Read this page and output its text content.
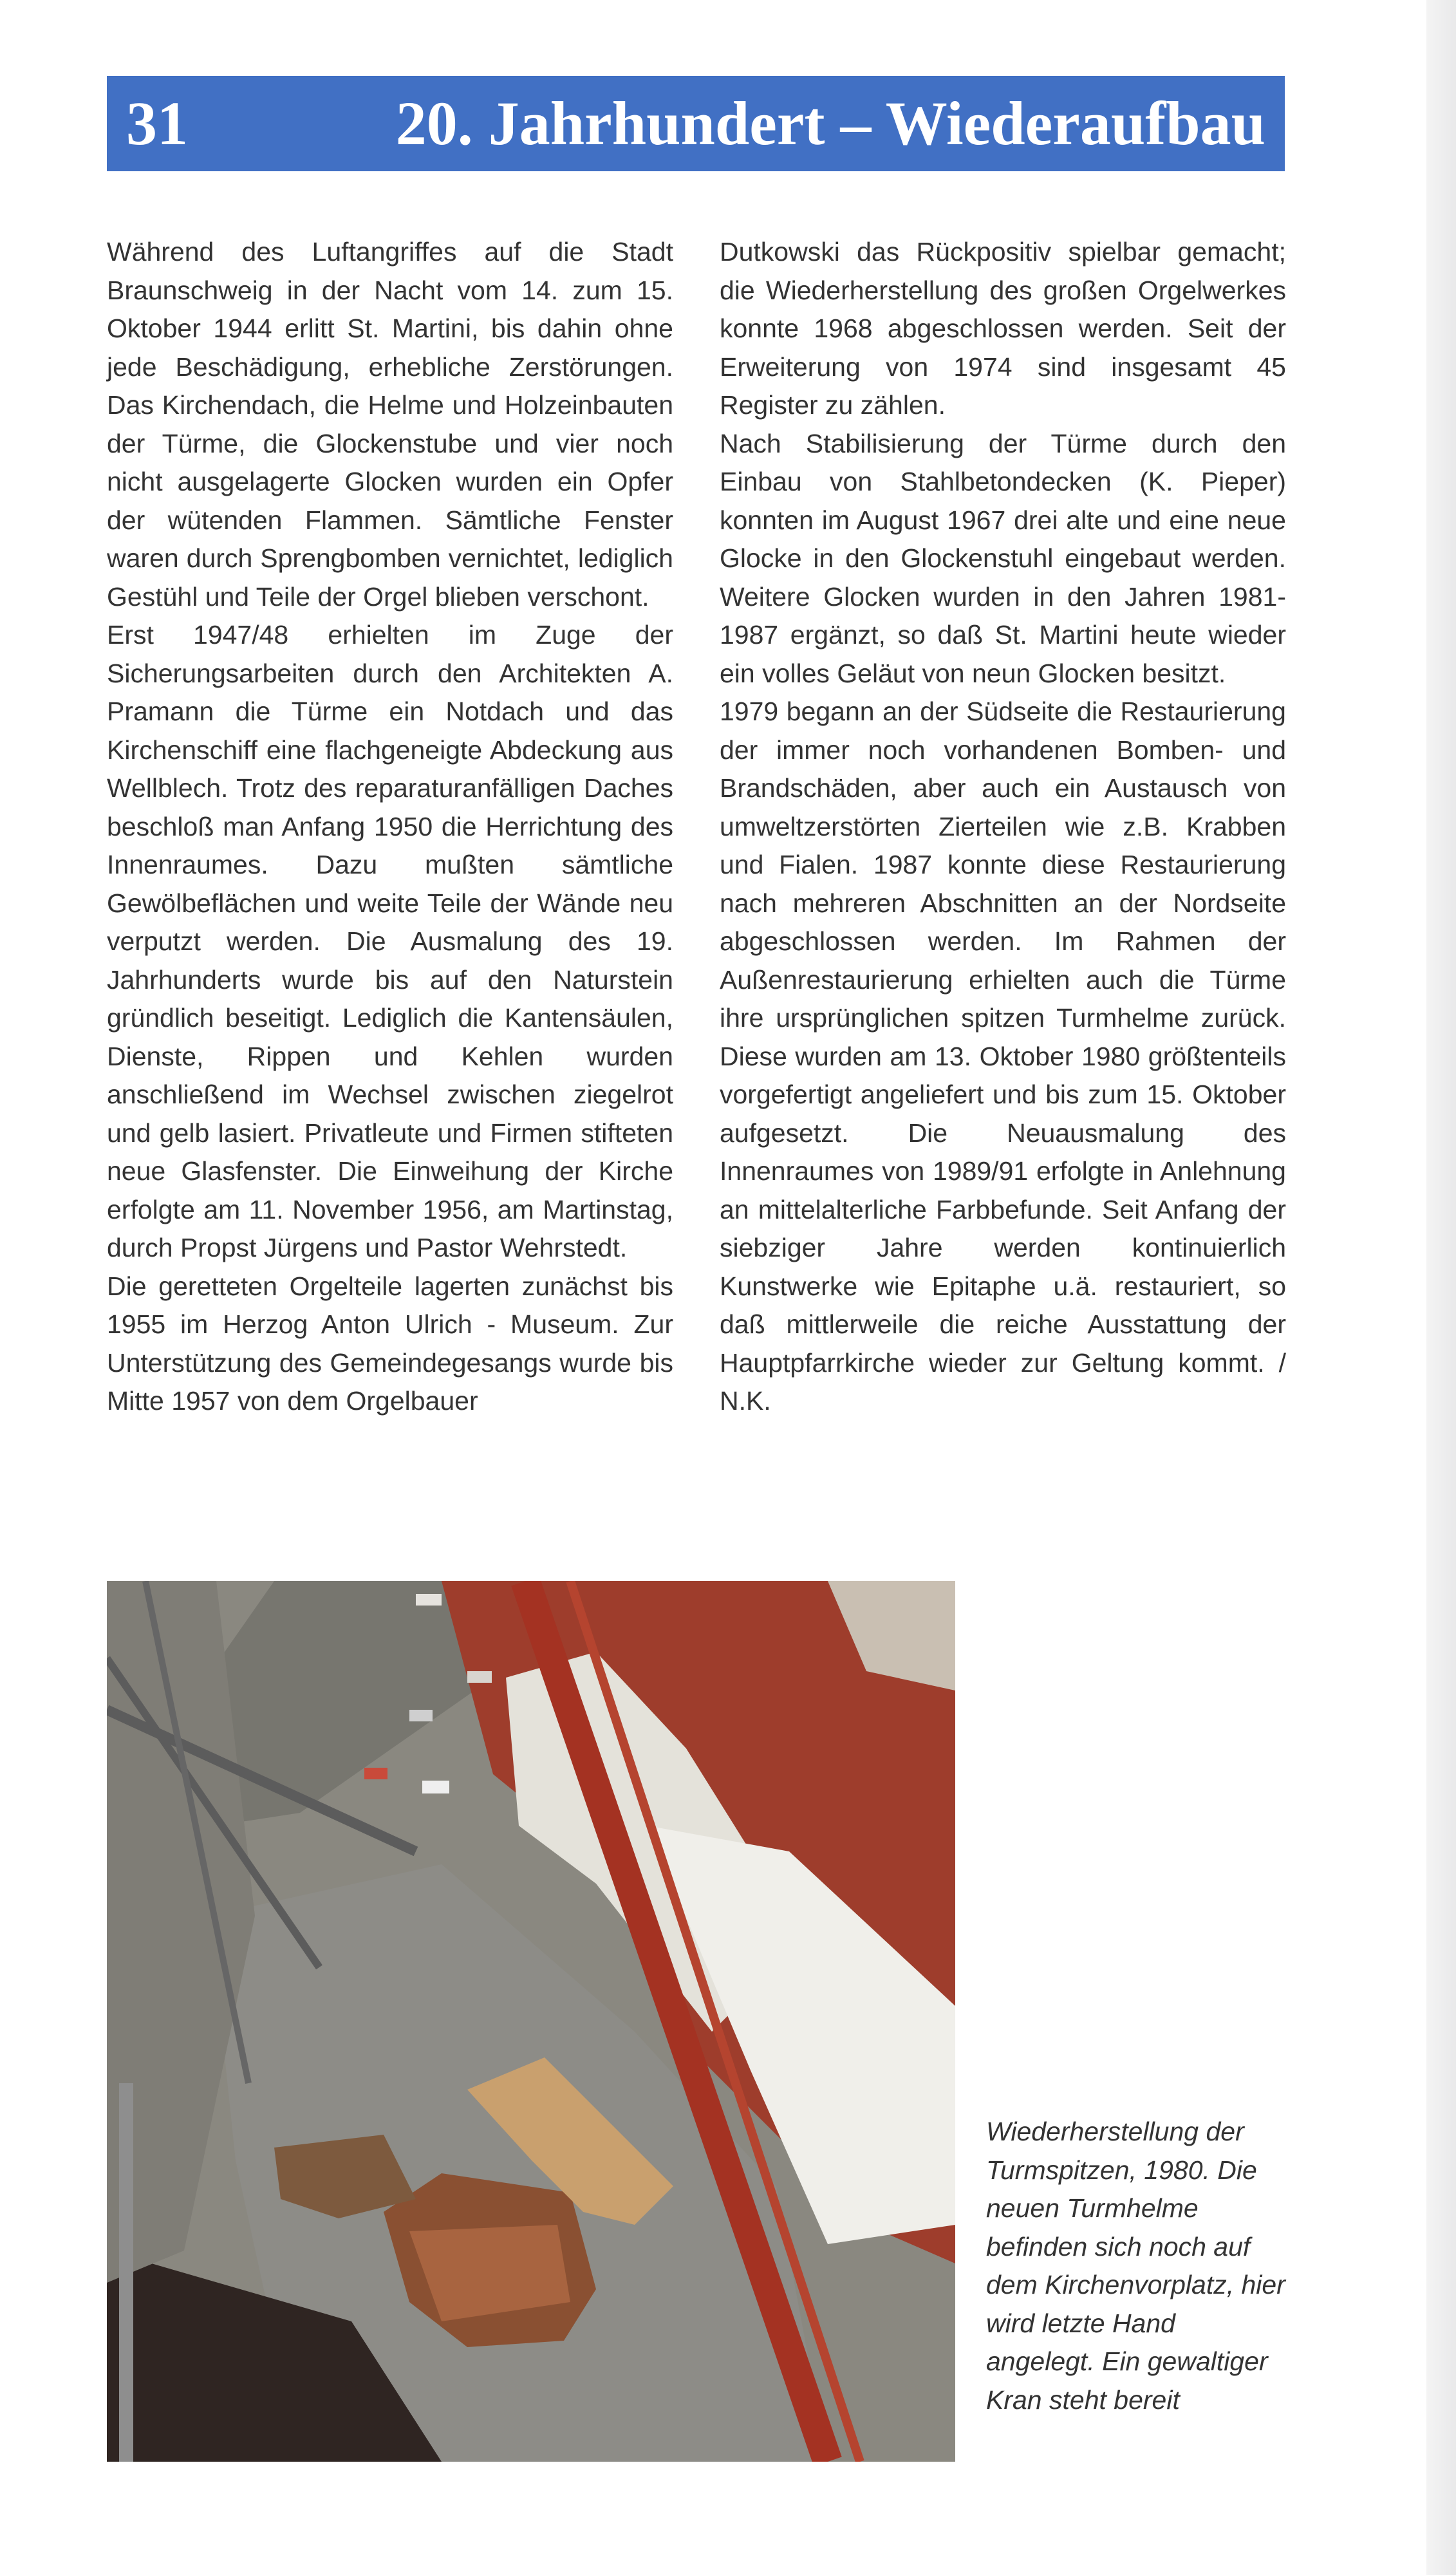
31	20. Jahrhundert – Wiederaufbau

Während des Luftangriffes auf die Stadt Braunschweig in der Nacht vom 14. zum 15. Oktober 1944 erlitt St. Martini, bis dahin ohne jede Beschädigung, erhebliche Zerstörungen. Das Kirchendach, die Helme und Holzeinbauten der Türme, die Glockenstube und vier noch nicht ausgelagerte Glocken wurden ein Opfer der wütenden Flammen. Sämtliche Fenster waren durch Sprengbomben vernichtet, lediglich Gestühl und Teile der Orgel blieben verschont.

Erst 1947/48 erhielten im Zuge der Sicherungsarbeiten durch den Architekten A. Pramann die Türme ein Notdach und das Kirchenschiff eine flachgeneigte Abdeckung aus Wellblech. Trotz des reparaturanfälligen Daches beschloß man Anfang 1950 die Herrichtung des Innenraumes. Dazu mußten sämtliche Gewölbeflächen und weite Teile der Wände neu verputzt werden. Die Ausmalung des 19. Jahrhunderts wurde bis auf den Naturstein gründlich beseitigt. Lediglich die Kantensäulen, Dienste, Rippen und Kehlen wurden anschließend im Wechsel zwischen ziegelrot und gelb lasiert. Privatleute und Firmen stifteten neue Glasfenster. Die Einweihung der Kirche erfolgte am 11. November 1956, am Martinstag, durch Propst Jürgens und Pastor Wehrstedt.

Die geretteten Orgelteile lagerten zunächst bis 1955 im Herzog Anton Ulrich - Museum. Zur Unterstützung des Gemeindegesangs wurde bis Mitte 1957 von dem Orgelbauer

Dutkowski das Rückpositiv spielbar gemacht; die Wiederherstellung des großen Orgelwerkes konnte 1968 abgeschlossen werden. Seit der Erweiterung von 1974 sind insgesamt 45 Register zu zählen.

Nach Stabilisierung der Türme durch den Einbau von Stahlbetondecken (K. Pieper) konnten im August 1967 drei alte und eine neue Glocke in den Glockenstuhl eingebaut werden. Weitere Glocken wurden in den Jahren 1981-1987 ergänzt, so daß St. Martini heute wieder ein volles Geläut von neun Glocken besitzt.

1979 begann an der Südseite die Restaurierung der immer noch vorhandenen Bomben- und Brandschäden, aber auch ein Austausch von umweltzerstörten Zierteilen wie z.B. Krabben und Fialen. 1987 konnte diese Restaurierung nach mehreren Abschnitten an der Nordseite abgeschlossen werden. Im Rahmen der Außenrestaurierung erhielten auch die Türme ihre ursprünglichen spitzen Turmhelme zurück. Diese wurden am 13. Oktober 1980 größtenteils vorgefertigt angeliefert und bis zum 15. Oktober aufgesetzt. Die Neuausmalung des Innenraumes von 1989/91 erfolgte in Anlehnung an mittelalterliche Farbbefunde. Seit Anfang der siebziger Jahre werden kontinuierlich Kunstwerke wie Epitaphe u.ä. restauriert, so daß mittlerweile die reiche Ausstattung der Hauptpfarrkirche wieder zur Geltung kommt. / N.K.

Wiederherstellung der Turmspitzen, 1980. Die neuen Turmhelme befinden sich noch auf dem Kirchenvorplatz, hier wird letzte Hand angelegt. Ein gewaltiger Kran steht bereit
